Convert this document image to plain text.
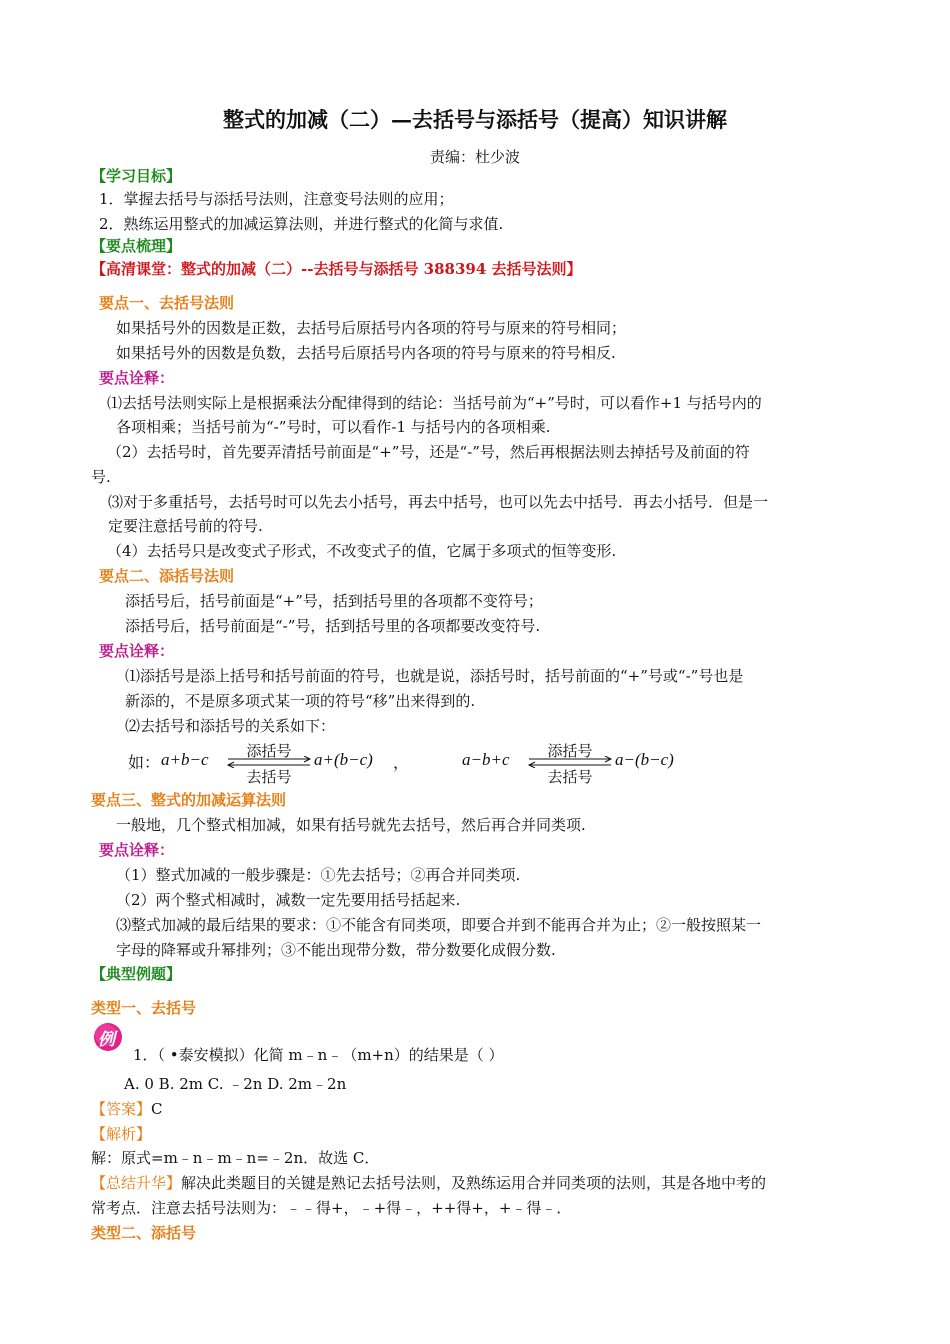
整式的加减（二）—去括号与添括号（提高）知识讲解
责编：杜少波
【学习目标】
1．掌握去括号与添括号法则，注意变号法则的应用；
2．熟练运用整式的加减运算法则，并进行整式的化简与求值.
【要点梳理】
【高清课堂：整式的加减（二）--去括号与添括号 388394 去括号法则】
要点一、去括号法则
如果括号外的因数是正数，去括号后原括号内各项的符号与原来的符号相同；
如果括号外的因数是负数，去括号后原括号内各项的符号与原来的符号相反.
要点诠释：
⑴去括号法则实际上是根据乘法分配律得到的结论：当括号前为“+”号时，可以看作+1 与括号内的
各项相乘；当括号前为“-”号时，可以看作-1 与括号内的各项相乘.
（2）去括号时，首先要弄清括号前面是“+”号，还是“-”号，然后再根据法则去掉括号及前面的符
号.
⑶对于多重括号，去括号时可以先去小括号，再去中括号，也可以先去中括号．再去小括号．但是一
定要注意括号前的符号.
（4）去括号只是改变式子形式，不改变式子的值，它属于多项式的恒等变形.
要点二、添括号法则
添括号后，括号前面是“+”号，括到括号里的各项都不变符号；
添括号后，括号前面是“-”号，括到括号里的各项都要改变符号.
要点诠释：
⑴添括号是添上括号和括号前面的符号，也就是说，添括号时，括号前面的“+”号或“-”号也是
新添的，不是原多项式某一项的符号“移”出来得到的.
⑵去括号和添括号的关系如下：
如： a+b−c	添括号
去括号
a+(b−c) ，	a−b+c	添括号
去括号
a−(b−c)
要点三、整式的加减运算法则
一般地，几个整式相加减，如果有括号就先去括号，然后再合并同类项.
要点诠释：
（1）整式加减的一般步骤是：①先去括号；②再合并同类项.
（2）两个整式相减时，减数一定先要用括号括起来.
⑶整式加减的最后结果的要求：①不能含有同类项，即要合并到不能再合并为止；②一般按照某一
字母的降幂或升幂排列；③不能出现带分数，带分数要化成假分数.
【典型例题】
类型一、去括号
例
1．（ •泰安模拟）化简 m﹣n﹣（m+n）的结果是（ ）
A. 0 B. 2m C. ﹣2n D. 2m﹣2n
【答案】C
【解析】
解：原式=m﹣n﹣m﹣n=﹣2n．故选 C．
【总结升华】解决此类题目的关键是熟记去括号法则，及熟练运用合并同类项的法则，其是各地中考的
常考点．注意去括号法则为：﹣﹣得+，﹣+得﹣，++得+，+﹣得﹣．
类型二、添括号
